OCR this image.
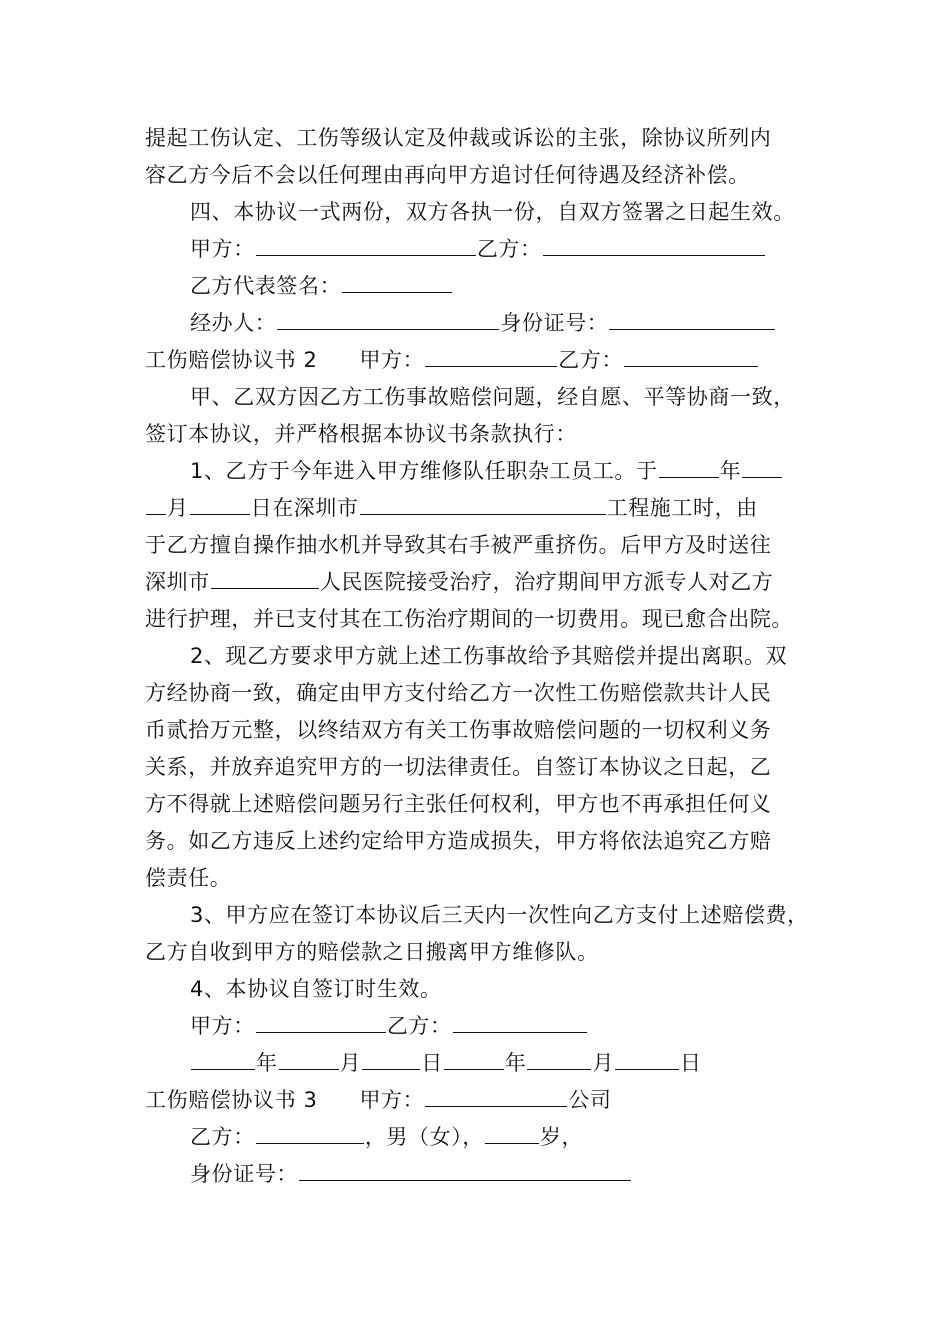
提起工伤认定、工伤等级认定及仲裁或诉讼的主张，除协议所列内
容乙方今后不会以任何理由再向甲方追讨任何待遇及经济补偿。
四、本协议一式两份，双方各执一份，自双方签署之日起生效。
甲方：	乙方：
乙方代表签名：
经办人：	身份证号：
工伤赔偿协议书 2 甲方：	乙方：
甲、乙双方因乙方工伤事故赔偿问题，经自愿、平等协商一致，
签订本协议，并严格根据本协议书条款执行：
1、乙方于今年进入甲方维修队任职杂工员工。于	年
月	日在深圳市	工程施工时，由
于乙方擅自操作抽水机并导致其右手被严重挤伤。后甲方及时送往
深圳市	人民医院接受治疗，治疗期间甲方派专人对乙方
进行护理，并已支付其在工伤治疗期间的一切费用。现已愈合出院。
2、现乙方要求甲方就上述工伤事故给予其赔偿并提出离职。双
方经协商一致，确定由甲方支付给乙方一次性工伤赔偿款共计人民
币贰拾万元整，以终结双方有关工伤事故赔偿问题的一切权利义务
关系，并放弃追究甲方的一切法律责任。自签订本协议之日起，乙
方不得就上述赔偿问题另行主张任何权利，甲方也不再承担任何义
务。如乙方违反上述约定给甲方造成损失，甲方将依法追究乙方赔
偿责任。
3、甲方应在签订本协议后三天内一次性向乙方支付上述赔偿费，
乙方自收到甲方的赔偿款之日搬离甲方维修队。
4、本协议自签订时生效。
甲方：	乙方：
年	月	日	年	月	日
工伤赔偿协议书 3 甲方：	公司
乙方：	，男（女），	岁，
身份证号：
